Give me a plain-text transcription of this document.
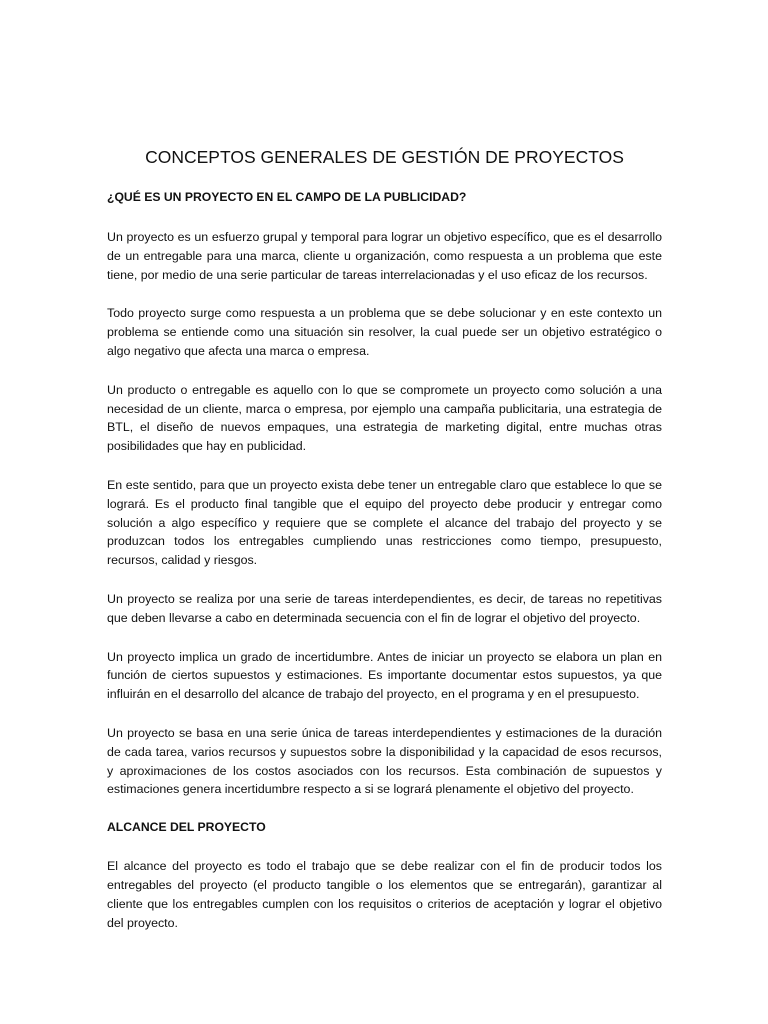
CONCEPTOS GENERALES DE GESTIÓN DE PROYECTOS
¿QUÉ ES UN PROYECTO EN EL CAMPO DE LA PUBLICIDAD?

Un proyecto es un esfuerzo grupal y temporal para lograr un objetivo específico, que es el desarrollo de un entregable para una marca, cliente u organización, como respuesta a un problema que este tiene, por medio de una serie particular de tareas interrelacionadas y el uso eficaz de los recursos.

Todo proyecto surge como respuesta a un problema que se debe solucionar y en este contexto un problema se entiende como una situación sin resolver, la cual puede ser un objetivo estratégico o algo negativo que afecta una marca o empresa.

Un producto o entregable es aquello con lo que se compromete un proyecto como solución a una necesidad de un cliente, marca o empresa, por ejemplo una campaña publicitaria, una estrategia de BTL, el diseño de nuevos empaques, una estrategia de marketing digital, entre muchas otras posibilidades que hay en publicidad.

En este sentido, para que un proyecto exista debe tener un entregable claro que establece lo que se logrará. Es el producto final tangible que el equipo del proyecto debe producir y entregar como solución a algo específico y requiere que se complete el alcance del trabajo del proyecto y se produzcan todos los entregables cumpliendo unas restricciones como tiempo, presupuesto, recursos, calidad y riesgos.

Un proyecto se realiza por una serie de tareas interdependientes, es decir, de tareas no repetitivas que deben llevarse a cabo en determinada secuencia con el fin de lograr el objetivo del proyecto.

Un proyecto implica un grado de incertidumbre. Antes de iniciar un proyecto se elabora un plan en función de ciertos supuestos y estimaciones. Es importante documentar estos supuestos, ya que influirán en el desarrollo del alcance de trabajo del proyecto, en el programa y en el presupuesto.

Un proyecto se basa en una serie única de tareas interdependientes y estimaciones de la duración de cada tarea, varios recursos y supuestos sobre la disponibilidad y la capacidad de esos recursos, y aproximaciones de los costos asociados con los recursos. Esta combinación de supuestos y estimaciones genera incertidumbre respecto a si se logrará plenamente el objetivo del proyecto.

ALCANCE DEL PROYECTO

El alcance del proyecto es todo el trabajo que se debe realizar con el fin de producir todos los entregables del proyecto (el producto tangible o los elementos que se entregarán), garantizar al cliente que los entregables cumplen con los requisitos o criterios de aceptación y lograr el objetivo del proyecto.
